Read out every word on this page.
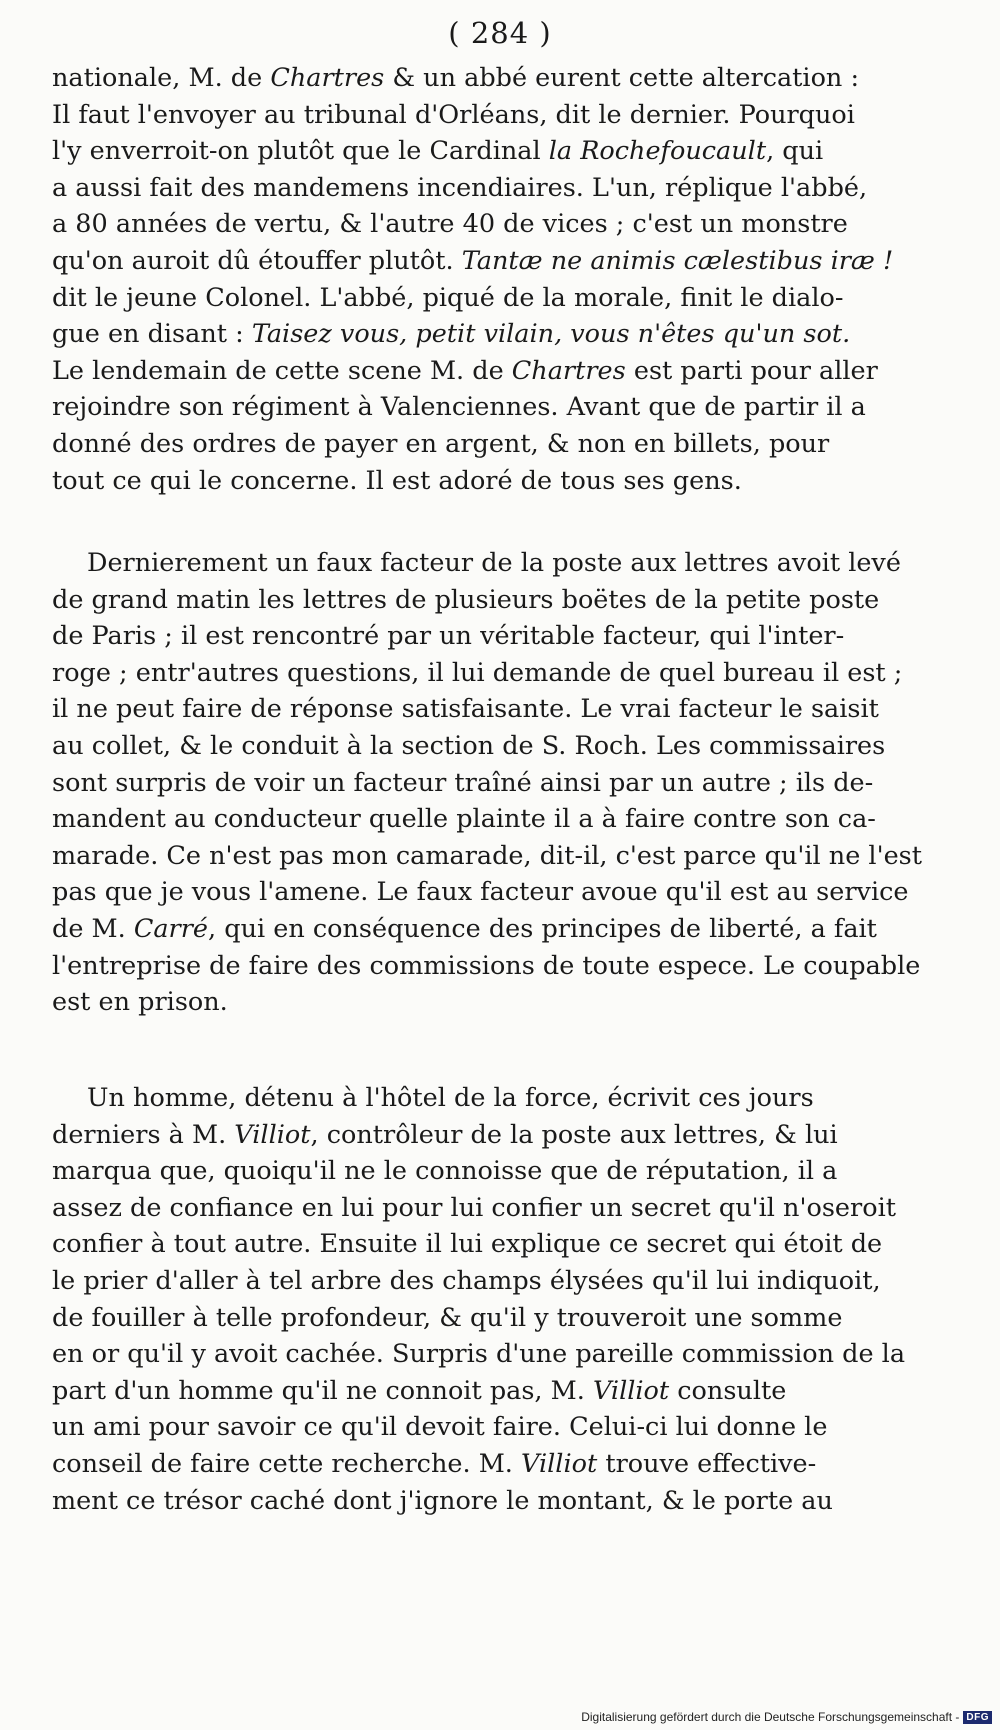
( 284 )
nationale, M. de Chartres & un abbé eurent cette altercation :
Il faut l'envoyer au tribunal d'Orléans, dit le dernier. Pourquoi
l'y enverroit-on plutôt que le Cardinal la Rochefoucault, qui
a aussi fait des mandemens incendiaires. L'un, réplique l'abbé,
a 80 années de vertu, & l'autre 40 de vices ; c'est un monstre
qu'on auroit dû étouffer plutôt. Tantæ ne animis cælestibus iræ !
dit le jeune Colonel. L'abbé, piqué de la morale, finit le dialo-
gue en disant : Taisez vous, petit vilain, vous n'êtes qu'un sot.
Le lendemain de cette scene M. de Chartres est parti pour aller
rejoindre son régiment à Valenciennes. Avant que de partir il a
donné des ordres de payer en argent, & non en billets, pour
tout ce qui le concerne. Il est adoré de tous ses gens.
Dernierement un faux facteur de la poste aux lettres avoit levé
de grand matin les lettres de plusieurs boëtes de la petite poste
de Paris ; il est rencontré par un véritable facteur, qui l'inter-
roge ; entr'autres questions, il lui demande de quel bureau il est ;
il ne peut faire de réponse satisfaisante. Le vrai facteur le saisit
au collet, & le conduit à la section de S. Roch. Les commissaires
sont surpris de voir un facteur traîné ainsi par un autre ; ils de-
mandent au conducteur quelle plainte il a à faire contre son ca-
marade. Ce n'est pas mon camarade, dit-il, c'est parce qu'il ne l'est
pas que je vous l'amene. Le faux facteur avoue qu'il est au service
de M. Carré, qui en conséquence des principes de liberté, a fait
l'entreprise de faire des commissions de toute espece. Le coupable
est en prison.
Un homme, détenu à l'hôtel de la force, écrivit ces jours
derniers à M. Villiot, contrôleur de la poste aux lettres, & lui
marqua que, quoiqu'il ne le connoisse que de réputation, il a
assez de confiance en lui pour lui confier un secret qu'il n'oseroit
confier à tout autre. Ensuite il lui explique ce secret qui étoit de
le prier d'aller à tel arbre des champs élysées qu'il lui indiquoit,
de fouiller à telle profondeur, & qu'il y trouveroit une somme
en or qu'il y avoit cachée. Surpris d'une pareille commission de la
part d'un homme qu'il ne connoit pas, M. Villiot consulte
un ami pour savoir ce qu'il devoit faire. Celui-ci lui donne le
conseil de faire cette recherche. M. Villiot trouve effective-
ment ce trésor caché dont j'ignore le montant, & le porte au
Digitalisierung gefördert durch die Deutsche Forschungsgemeinschaft - DFG
